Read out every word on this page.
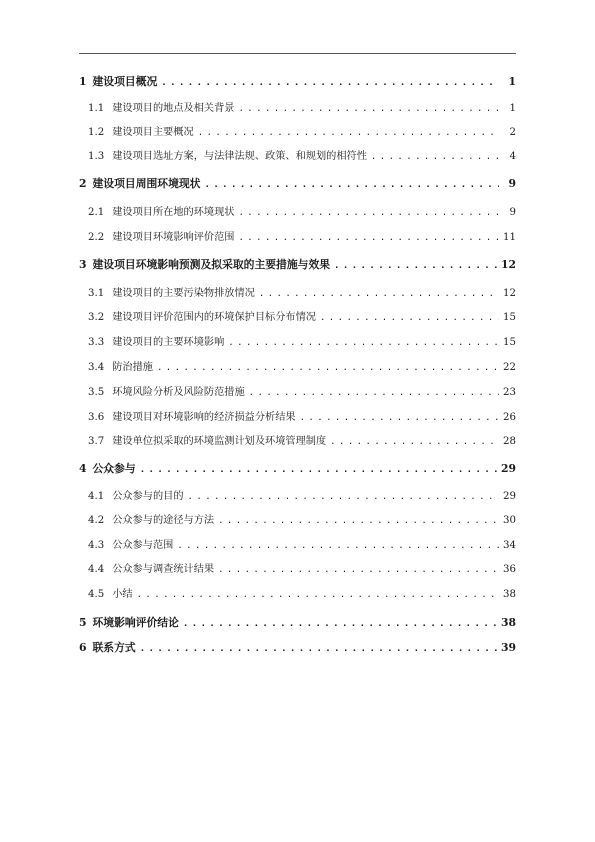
1 建设项目概况 . . .	1
1.1 建设项目的地点及相关背景 . . .	1
1.2 建设项目主要概况 . . .	2
1.3 建设项目选址方案，与法律法规、政策、和规划的相符性 . . .	4
2 建设项目周围环境现状 . . .	9
2.1 建设项目所在地的环境现状 . . .	9
2.2 建设项目环境影响评价范围 . . .	11
3 建设项目环境影响预测及拟采取的主要措施与效果 . . .	12
3.1 建设项目的主要污染物排放情况 . . .	12
3.2 建设项目评价范围内的环境保护目标分布情况 . . .	15
3.3 建设项目的主要环境影响 . . .	15
3.4 防治措施 . . .	22
3.5 环境风险分析及风险防范措施 . . .	23
3.6 建设项目对环境影响的经济损益分析结果 . . .	26
3.7 建设单位拟采取的环境监测计划及环境管理制度 . . .	28
4 公众参与 . . .	29
4.1 公众参与的目的 . . .	29
4.2 公众参与的途径与方法 . . .	30
4.3 公众参与范围 . . .	34
4.4 公众参与调查统计结果 . . .	36
4.5 小结 . . .	38
5 环境影响评价结论 . . .	38
6 联系方式 . . .	39
